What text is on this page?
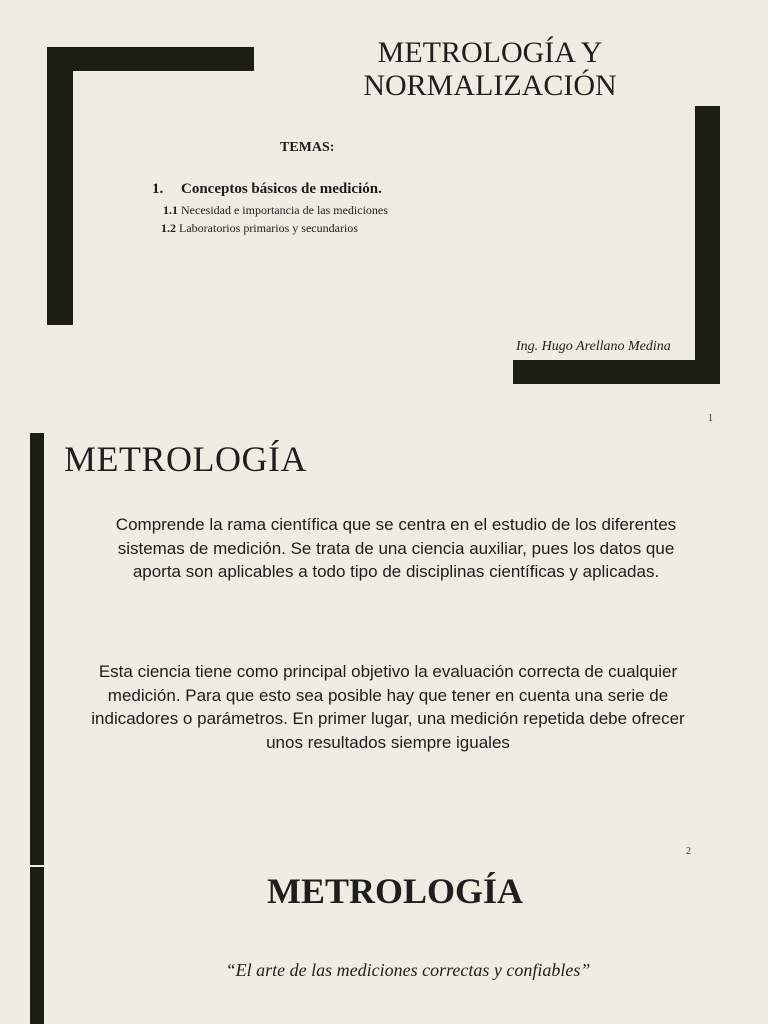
METROLOGÍA Y
NORMALIZACIÓN
TEMAS:
1. Conceptos básicos de medición.
1.1 Necesidad e importancia de las mediciones
1.2 Laboratorios primarios y secundarios
Ing. Hugo Arellano Medina
1
METROLOGÍA
Comprende la rama científica que se centra en el estudio de los diferentes sistemas de medición. Se trata de una ciencia auxiliar, pues los datos que aporta son aplicables a todo tipo de disciplinas científicas y aplicadas.
Esta ciencia tiene como principal objetivo la evaluación correcta de cualquier medición. Para que esto sea posible hay que tener en cuenta una serie de indicadores o parámetros. En primer lugar, una medición repetida debe ofrecer unos resultados siempre iguales
2
METROLOGÍA
“El arte de las mediciones correctas y confiables”
